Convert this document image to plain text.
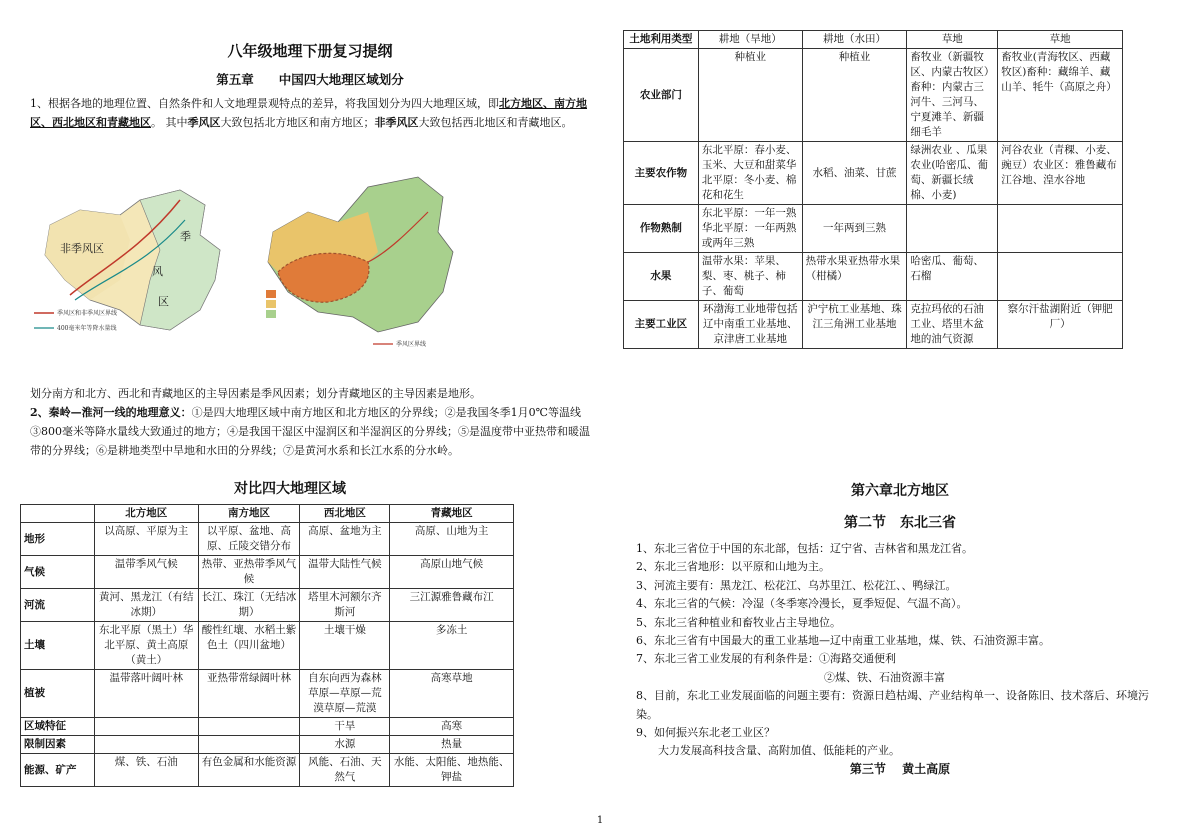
八年级地理下册复习提纲
第五章　　中国四大地理区域划分
1、根据各地的地理位置、自然条件和人文地理景观特点的差异，将我国划分为四大地理区域，即北方地区、南方地区、西北地区和青藏地区。 其中季风区大致包括北方地区和南方地区；非季风区大致包括西北地区和青藏地区。
非季风区
季
风
区
季风区和非季风区界线
400毫米年等降水量线
季风区界线
划分南方和北方、西北和青藏地区的主导因素是季风因素；划分青藏地区的主导因素是地形。
2、秦岭—淮河一线的地理意义：①是四大地理区域中南方地区和北方地区的分界线；②是我国冬季1月0℃等温线③800毫米等降水量线大致通过的地方；④是我国干湿区中湿润区和半湿润区的分界线；⑤是温度带中亚热带和暖温带的分界线；⑥是耕地类型中旱地和水田的分界线；⑦是黄河水系和长江水系的分水岭。
对比四大地理区域
	北方地区	南方地区	西北地区	青藏地区
地形	以高原、平原为主	以平原、盆地、高原、丘陵交错分布	高原、盆地为主	高原、山地为主
气候	温带季风气候	热带、亚热带季风气候	温带大陆性气候	高原山地气候
河流	黄河、黑龙江（有结冰期）	长江、珠江（无结冰期）	塔里木河额尔齐斯河	三江源雅鲁藏布江
土壤	东北平原（黑土）华北平原、黄土高原（黄土）	酸性红壤、水稻土紫色土（四川盆地）	土壤干燥	多冻土
植被	温带落叶阔叶林	亚热带常绿阔叶林	自东向西为森林草原—草原—荒漠草原—荒漠	高寒草地
区域特征			干旱	高寒
限制因素			水源	热量
能源、矿产	煤、铁、石油	有色金属和水能资源	风能、石油、天然气	水能、太阳能、地热能、钾盐
土地利用类型	耕地（旱地）	耕地（水田）	草地	草地
农业部门	种植业	种植业	畜牧业（新疆牧区、内蒙古牧区）畜种：内蒙古三河牛、三河马、宁夏滩羊、新疆细毛羊	畜牧业(青海牧区、西藏牧区)畜种：藏绵羊、藏山羊、牦牛（高原之舟）
主要农作物	东北平原：春小麦、玉米、大豆和甜菜华北平原：冬小麦、棉花和花生	水稻、油菜、甘蔗	绿洲农业 、瓜果农业(哈密瓜、葡萄、新疆长绒棉、小麦)	河谷农业（青稞、小麦、豌豆）农业区：雅鲁藏布江谷地、湟水谷地
作物熟制	东北平原：一年一熟华北平原：一年两熟或两年三熟	一年两到三熟		
水果	温带水果：苹果、梨、枣、桃子、柿子、葡萄	热带水果亚热带水果（柑橘）	哈密瓜、葡萄、石榴	
主要工业区	环渤海工业地带包括辽中南重工业基地、京津唐工业基地	沪宁杭工业基地、珠江三角洲工业基地	克拉玛依的石油工业、塔里木盆地的油气资源	察尔汗盐湖附近（钾肥厂）
第六章北方地区
第二节　东北三省

1、东北三省位于中国的东北部，包括：辽宁省、吉林省和黑龙江省。

2、东北三省地形：以平原和山地为主。

3、河流主要有：黑龙江、松花江、乌苏里江、松花江、、鸭绿江。

4、东北三省的气候：冷湿（冬季寒冷漫长，夏季短促、气温不高）。

5、东北三省种植业和畜牧业占主导地位。

6、东北三省有中国最大的重工业基地—辽中南重工业基地，煤、铁、石油资源丰富。

7、东北三省工业发展的有利条件是：①海路交通便利

②煤、铁、石油资源丰富

8、目前，东北工业发展面临的问题主要有：资源日趋枯竭、产业结构单一、设备陈旧、技术落后、环境污染。

9、如何振兴东北老工业区？

大力发展高科技含量、高附加值、低能耗的产业。

第三节　 黄土高原
1
